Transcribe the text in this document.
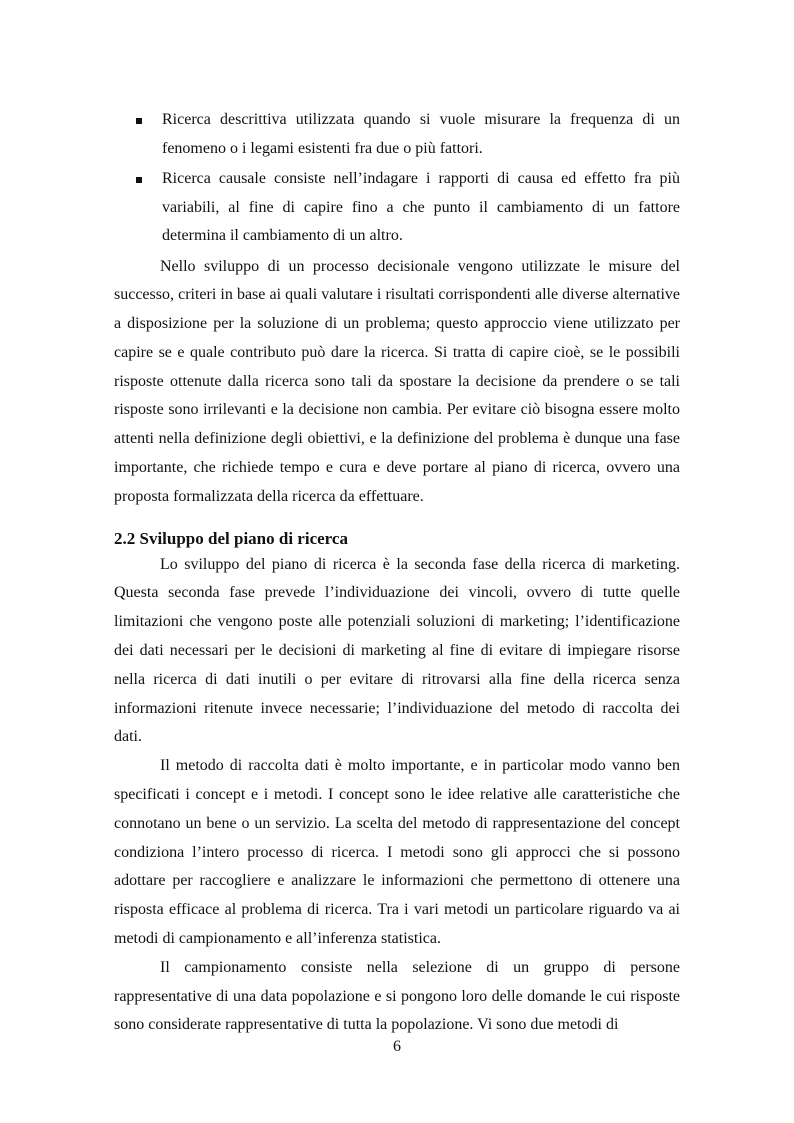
Ricerca descrittiva utilizzata quando si vuole misurare la frequenza di un fenomeno o i legami esistenti fra due o più fattori.
Ricerca causale consiste nell’indagare i rapporti di causa ed effetto fra più variabili, al fine di capire fino a che punto il cambiamento di un fattore determina il cambiamento di un altro.

Nello sviluppo di un processo decisionale vengono utilizzate le misure del successo, criteri in base ai quali valutare i risultati corrispondenti alle diverse alternative a disposizione per la soluzione di un problema; questo approccio viene utilizzato per capire se e quale contributo può dare la ricerca. Si tratta di capire cioè, se le possibili risposte ottenute dalla ricerca sono tali da spostare la decisione da prendere o se tali risposte sono irrilevanti e la decisione non cambia. Per evitare ciò bisogna essere molto attenti nella definizione degli obiettivi, e la definizione del problema è dunque una fase importante, che richiede tempo e cura e deve portare al piano di ricerca, ovvero una proposta formalizzata della ricerca da effettuare.

2.2 Sviluppo del piano di ricerca

Lo sviluppo del piano di ricerca è la seconda fase della ricerca di marketing. Questa seconda fase prevede l’individuazione dei vincoli, ovvero di tutte quelle limitazioni che vengono poste alle potenziali soluzioni di marketing; l’identificazione dei dati necessari per le decisioni di marketing al fine di evitare di impiegare risorse nella ricerca di dati inutili o per evitare di ritrovarsi alla fine della ricerca senza informazioni ritenute invece necessarie; l’individuazione del metodo di raccolta dei dati.

Il metodo di raccolta dati è molto importante, e in particolar modo vanno ben specificati i concept e i metodi. I concept sono le idee relative alle caratteristiche che connotano un bene o un servizio. La scelta del metodo di rappresentazione del concept condiziona l’intero processo di ricerca. I metodi sono gli approcci che si possono adottare per raccogliere e analizzare le informazioni che permettono di ottenere una risposta efficace al problema di ricerca. Tra i vari metodi un particolare riguardo va ai metodi di campionamento e all’inferenza statistica.

Il campionamento consiste nella selezione di un gruppo di persone rappresentative di una data popolazione e si pongono loro delle domande le cui risposte sono considerate rappresentative di tutta la popolazione. Vi sono due metodi di

6
